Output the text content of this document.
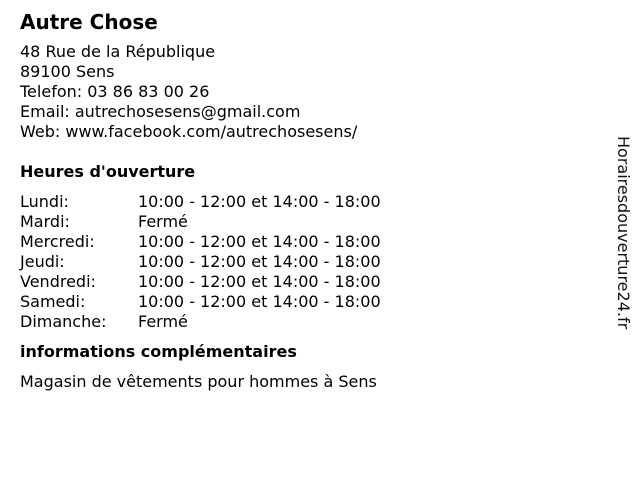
Autre Chose
48 Rue de la République
89100 Sens
Telefon: 03 86 83 00 26
Email: autrechosesens@gmail.com
Web: www.facebook.com/autrechosesens/
Heures d'ouverture
Lundi:	10:00 - 12:00 et 14:00 - 18:00
Mardi:	Fermé
Mercredi:	10:00 - 12:00 et 14:00 - 18:00
Jeudi:	10:00 - 12:00 et 14:00 - 18:00
Vendredi:	10:00 - 12:00 et 14:00 - 18:00
Samedi:	10:00 - 12:00 et 14:00 - 18:00
Dimanche:	Fermé
informations complémentaires
Magasin de vêtements pour hommes à Sens
Horairesdouverture24.fr
